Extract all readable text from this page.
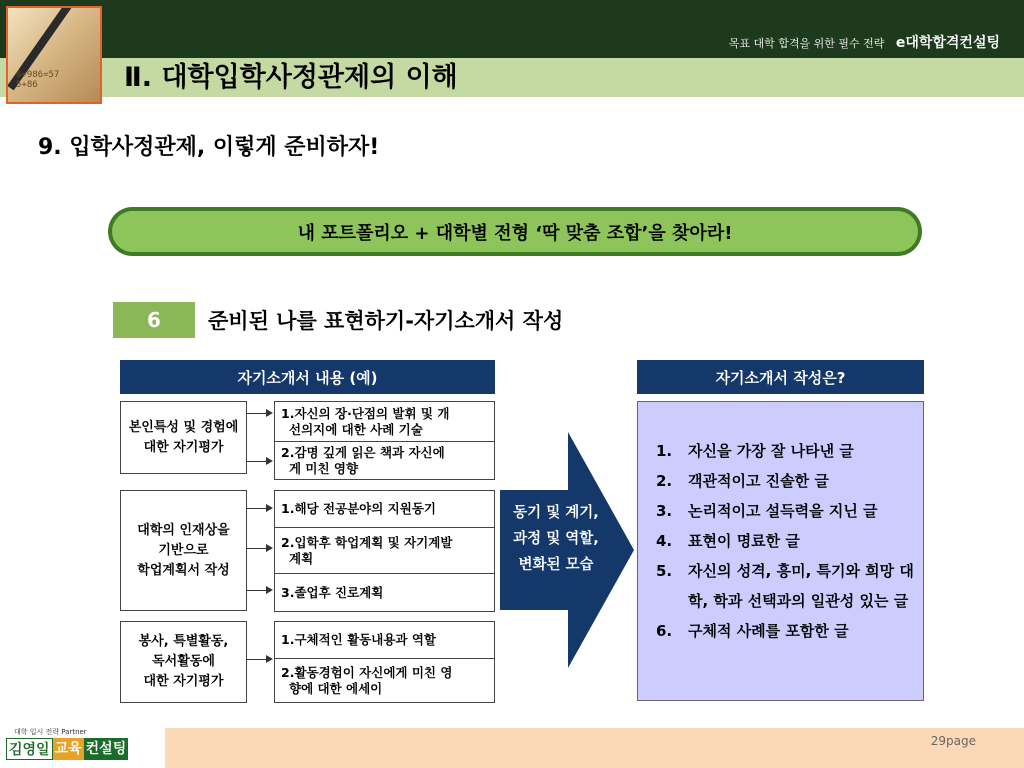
6+986=57
5+86
목표 대학 합격을 위한 필수 전략 e대학합격컨설팅
Ⅱ. 대학입학사정관제의 이해
9. 입학사정관제, 이렇게 준비하자!
내 포트폴리오 + 대학별 전형 ‘딱 맞춤 조합’을 찾아라!
6	준비된 나를 표현하기-자기소개서 작성
자기소개서 내용 (예)
본인특성 및 경험에
대한 자기평가
1.자신의 장·단점의 발휘 및 개
선의지에 대한 사례 기술
2.감명 깊게 읽은 책과 자신에
게 미친 영향
대학의 인재상을
기반으로
학업계획서 작성
1.해당 전공분야의 지원동기
2.입학후 학업계획 및 자기계발
계획
3.졸업후 진로계획
봉사, 특별활동,
독서활동에
대한 자기평가
1.구체적인 활동내용과 역할
2.활동경험이 자신에게 미친 영
향에 대한 에세이
동기 및 계기,
과정 및 역할,
변화된 모습
자기소개서 작성은?
1.	자신을 가장 잘 나타낸 글
2.	객관적이고 진솔한 글
3.	논리적이고 설득력을 지닌 글
4.	표현이 명료한 글
5.	자신의 성격, 흥미, 특기와 희망 대학, 학과 선택과의 일관성 있는 글
6.	구체적 사례를 포함한 글
대학 입시 전략 Partner
김영일 교육 컨설팅	29page
